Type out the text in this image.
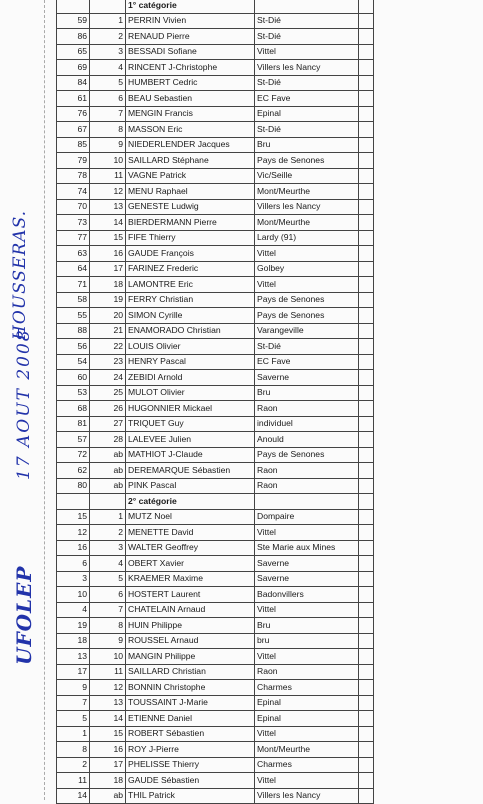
UFOLEP
17 AOUT 2008
HOUSSERAS.
		1° catégorie		
59	1	PERRIN Vivien	St-Dié	
86	2	RENAUD Pierre	St-Dié	
65	3	BESSADI Sofiane	Vittel	
69	4	RINCENT J-Christophe	Villers les Nancy	
84	5	HUMBERT Cedric	St-Dié	
61	6	BEAU Sebastien	EC Fave	
76	7	MENGIN Francis	Epinal	
67	8	MASSON Eric	St-Dié	
85	9	NIEDERLENDER Jacques	Bru	
79	10	SAILLARD Stéphane	Pays de Senones	
78	11	VAGNE Patrick	Vic/Seille	
74	12	MENU Raphael	Mont/Meurthe	
70	13	GENESTE Ludwig	Villers les Nancy	
73	14	BIERDERMANN Pierre	Mont/Meurthe	
77	15	FIFE Thierry	Lardy (91)	
63	16	GAUDE François	Vittel	
64	17	FARINEZ Frederic	Golbey	
71	18	LAMONTRE Eric	Vittel	
58	19	FERRY Christian	Pays de Senones	
55	20	SIMON Cyrille	Pays de Senones	
88	21	ENAMORADO Christian	Varangeville	
56	22	LOUIS Olivier	St-Dié	
54	23	HENRY Pascal	EC Fave	
60	24	ZEBIDI Arnold	Saverne	
53	25	MULOT Olivier	Bru	
68	26	HUGONNIER Mickael	Raon	
81	27	TRIQUET Guy	individuel	
57	28	LALEVEE Julien	Anould	
72	ab	MATHIOT J-Claude	Pays de Senones	
62	ab	DEREMARQUE Sébastien	Raon	
80	ab	PINK Pascal	Raon	
		2° catégorie		
15	1	MUTZ Noel	Dompaire	
12	2	MENETTE David	Vittel	
16	3	WALTER Geoffrey	Ste Marie aux Mines	
6	4	OBERT Xavier	Saverne	
3	5	KRAEMER Maxime	Saverne	
10	6	HOSTERT Laurent	Badonvillers	
4	7	CHATELAIN Arnaud	Vittel	
19	8	HUIN Philippe	Bru	
18	9	ROUSSEL Arnaud	bru	
13	10	MANGIN Philippe	Vittel	
17	11	SAILLARD Christian	Raon	
9	12	BONNIN Christophe	Charmes	
7	13	TOUSSAINT J-Marie	Epinal	
5	14	ETIENNE Daniel	Epinal	
1	15	ROBERT Sébastien	Vittel	
8	16	ROY J-Pierre	Mont/Meurthe	
2	17	PHELISSE Thierry	Charmes	
11	18	GAUDE Sébastien	Vittel	
14	ab	THIL Patrick	Villers les Nancy	
